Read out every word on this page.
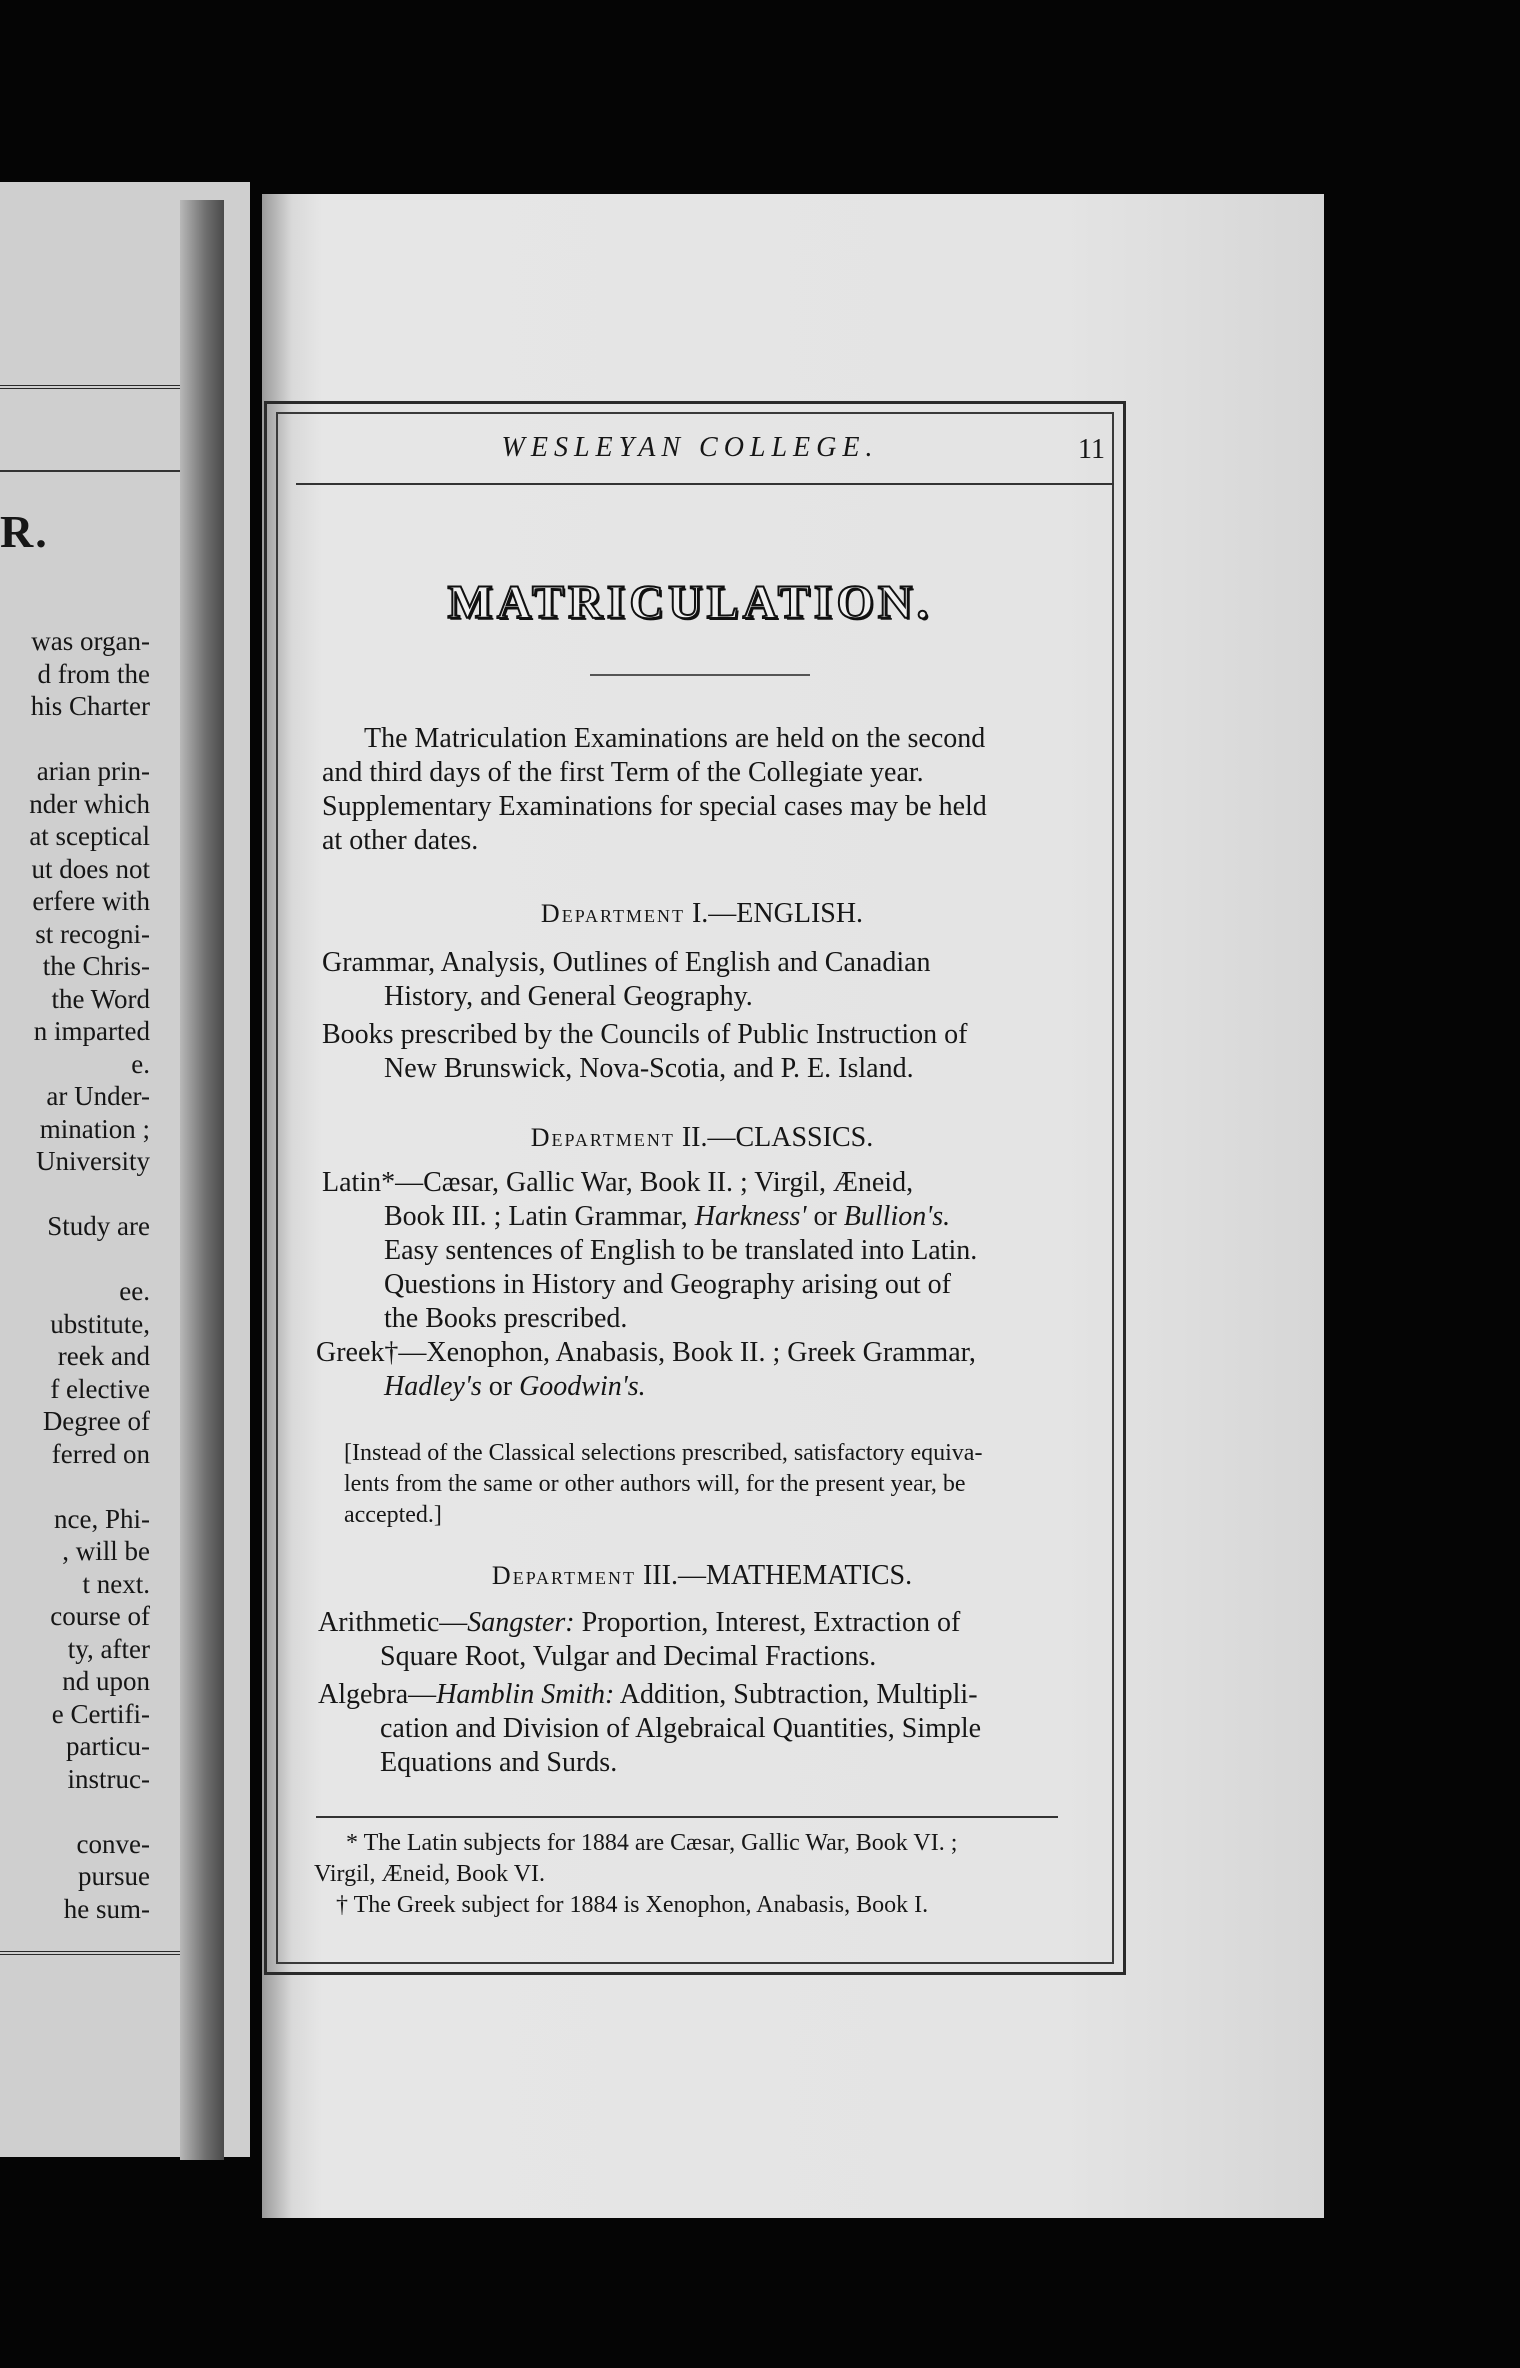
R.
was organ-
d from the
his Charter
arian prin-
nder which
at sceptical
ut does not
erfere with
st recogni-
the Chris-
the Word
n imparted
e.
ar Under-
mination ;
University
Study are
ee.
ubstitute,
reek and
f elective
Degree of
ferred on
nce, Phi-
, will be
t next.
course of
ty, after
nd upon
e Certifi-
particu-
instruc-
conve-
pursue
he sum-
WESLEYAN COLLEGE.	11
MATRICULATION.
The Matriculation Examinations are held on the second
and third days of the first Term of the Collegiate year.
Supplementary Examinations for special cases may be held
at other dates.
Department I.—ENGLISH.
Grammar, Analysis, Outlines of English and Canadian
History, and General Geography.
Books prescribed by the Councils of Public Instruction of
New Brunswick, Nova-Scotia, and P. E. Island.
Department II.—CLASSICS.
Latin*—Cæsar, Gallic War, Book II. ; Virgil, Æneid,
Book III. ; Latin Grammar, Harkness' or Bullion's.
Easy sentences of English to be translated into Latin.
Questions in History and Geography arising out of
the Books prescribed.
Greek†—Xenophon, Anabasis, Book II. ; Greek Grammar,
Hadley's or Goodwin's.
[Instead of the Classical selections prescribed, satisfactory equiva-
lents from the same or other authors will, for the present year, be
accepted.]
Department III.—MATHEMATICS.
Arithmetic—Sangster: Proportion, Interest, Extraction of
Square Root, Vulgar and Decimal Fractions.
Algebra—Hamblin Smith: Addition, Subtraction, Multipli-
cation and Division of Algebraical Quantities, Simple
Equations and Surds.
* The Latin subjects for 1884 are Cæsar, Gallic War, Book VI. ;
Virgil, Æneid, Book VI.
† The Greek subject for 1884 is Xenophon, Anabasis, Book I.
